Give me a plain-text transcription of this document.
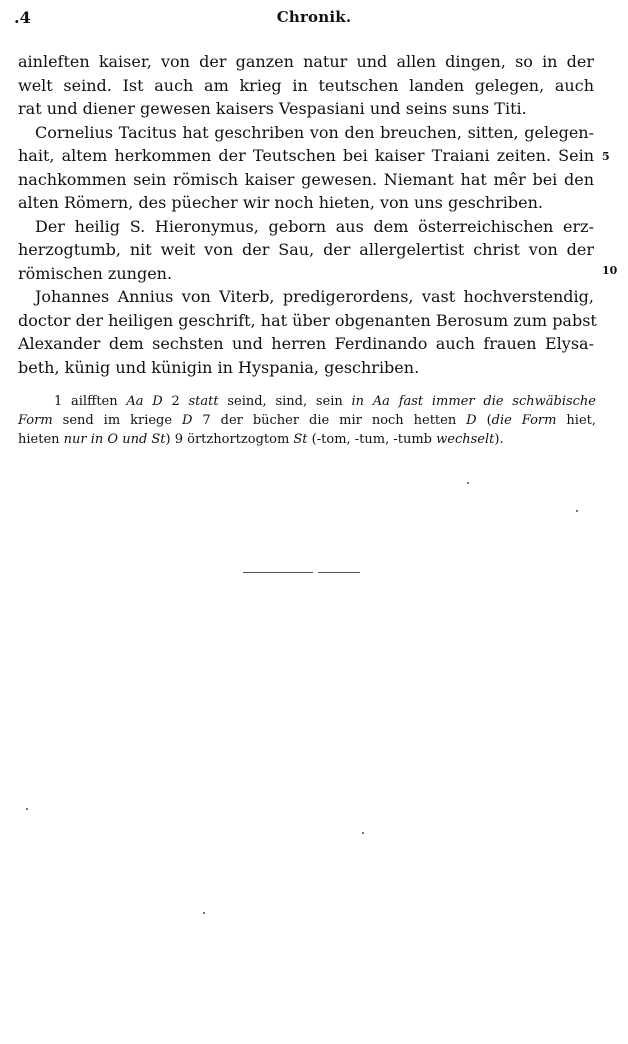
.4	Chronik.
ainleften kaiser, von der ganzen natur und allen dingen, so in der
welt seind. Ist auch am krieg in teutschen landen gelegen, auch
rat und diener gewesen kaisers Vespasiani und seins suns Titi.
Cornelius Tacitus hat geschriben von den breuchen, sitten, gelegen-
hait, altem herkommen der Teutschen bei kaiser Traiani zeiten. Sein
nachkommen sein römisch kaiser gewesen. Niemant hat mêr bei den
alten Römern, des püecher wir noch hieten, von uns geschriben.
Der heilig S. Hieronymus, geborn aus dem österreichischen erz-
herzogtumb, nit weit von der Sau, der allergelertist christ von der
römischen zungen.
Johannes Annius von Viterb, predigerordens, vast hochverstendig,
doctor der heiligen geschrift, hat über obgenanten Berosum zum pabst
Alexander dem sechsten und herren Ferdinando auch frauen Elysa-
beth, künig und künigin in Hyspania, geschriben.
5
10
1 ailfften Aa D 2 statt seind, sind, sein in Aa fast immer die schwäbische
Form send im kriege D 7 der bücher die mir noch hetten D (die Form hiet,
hieten nur in O und St) 9 örtzhortzogtom St (-tom, -tum, -tumb wechselt).
